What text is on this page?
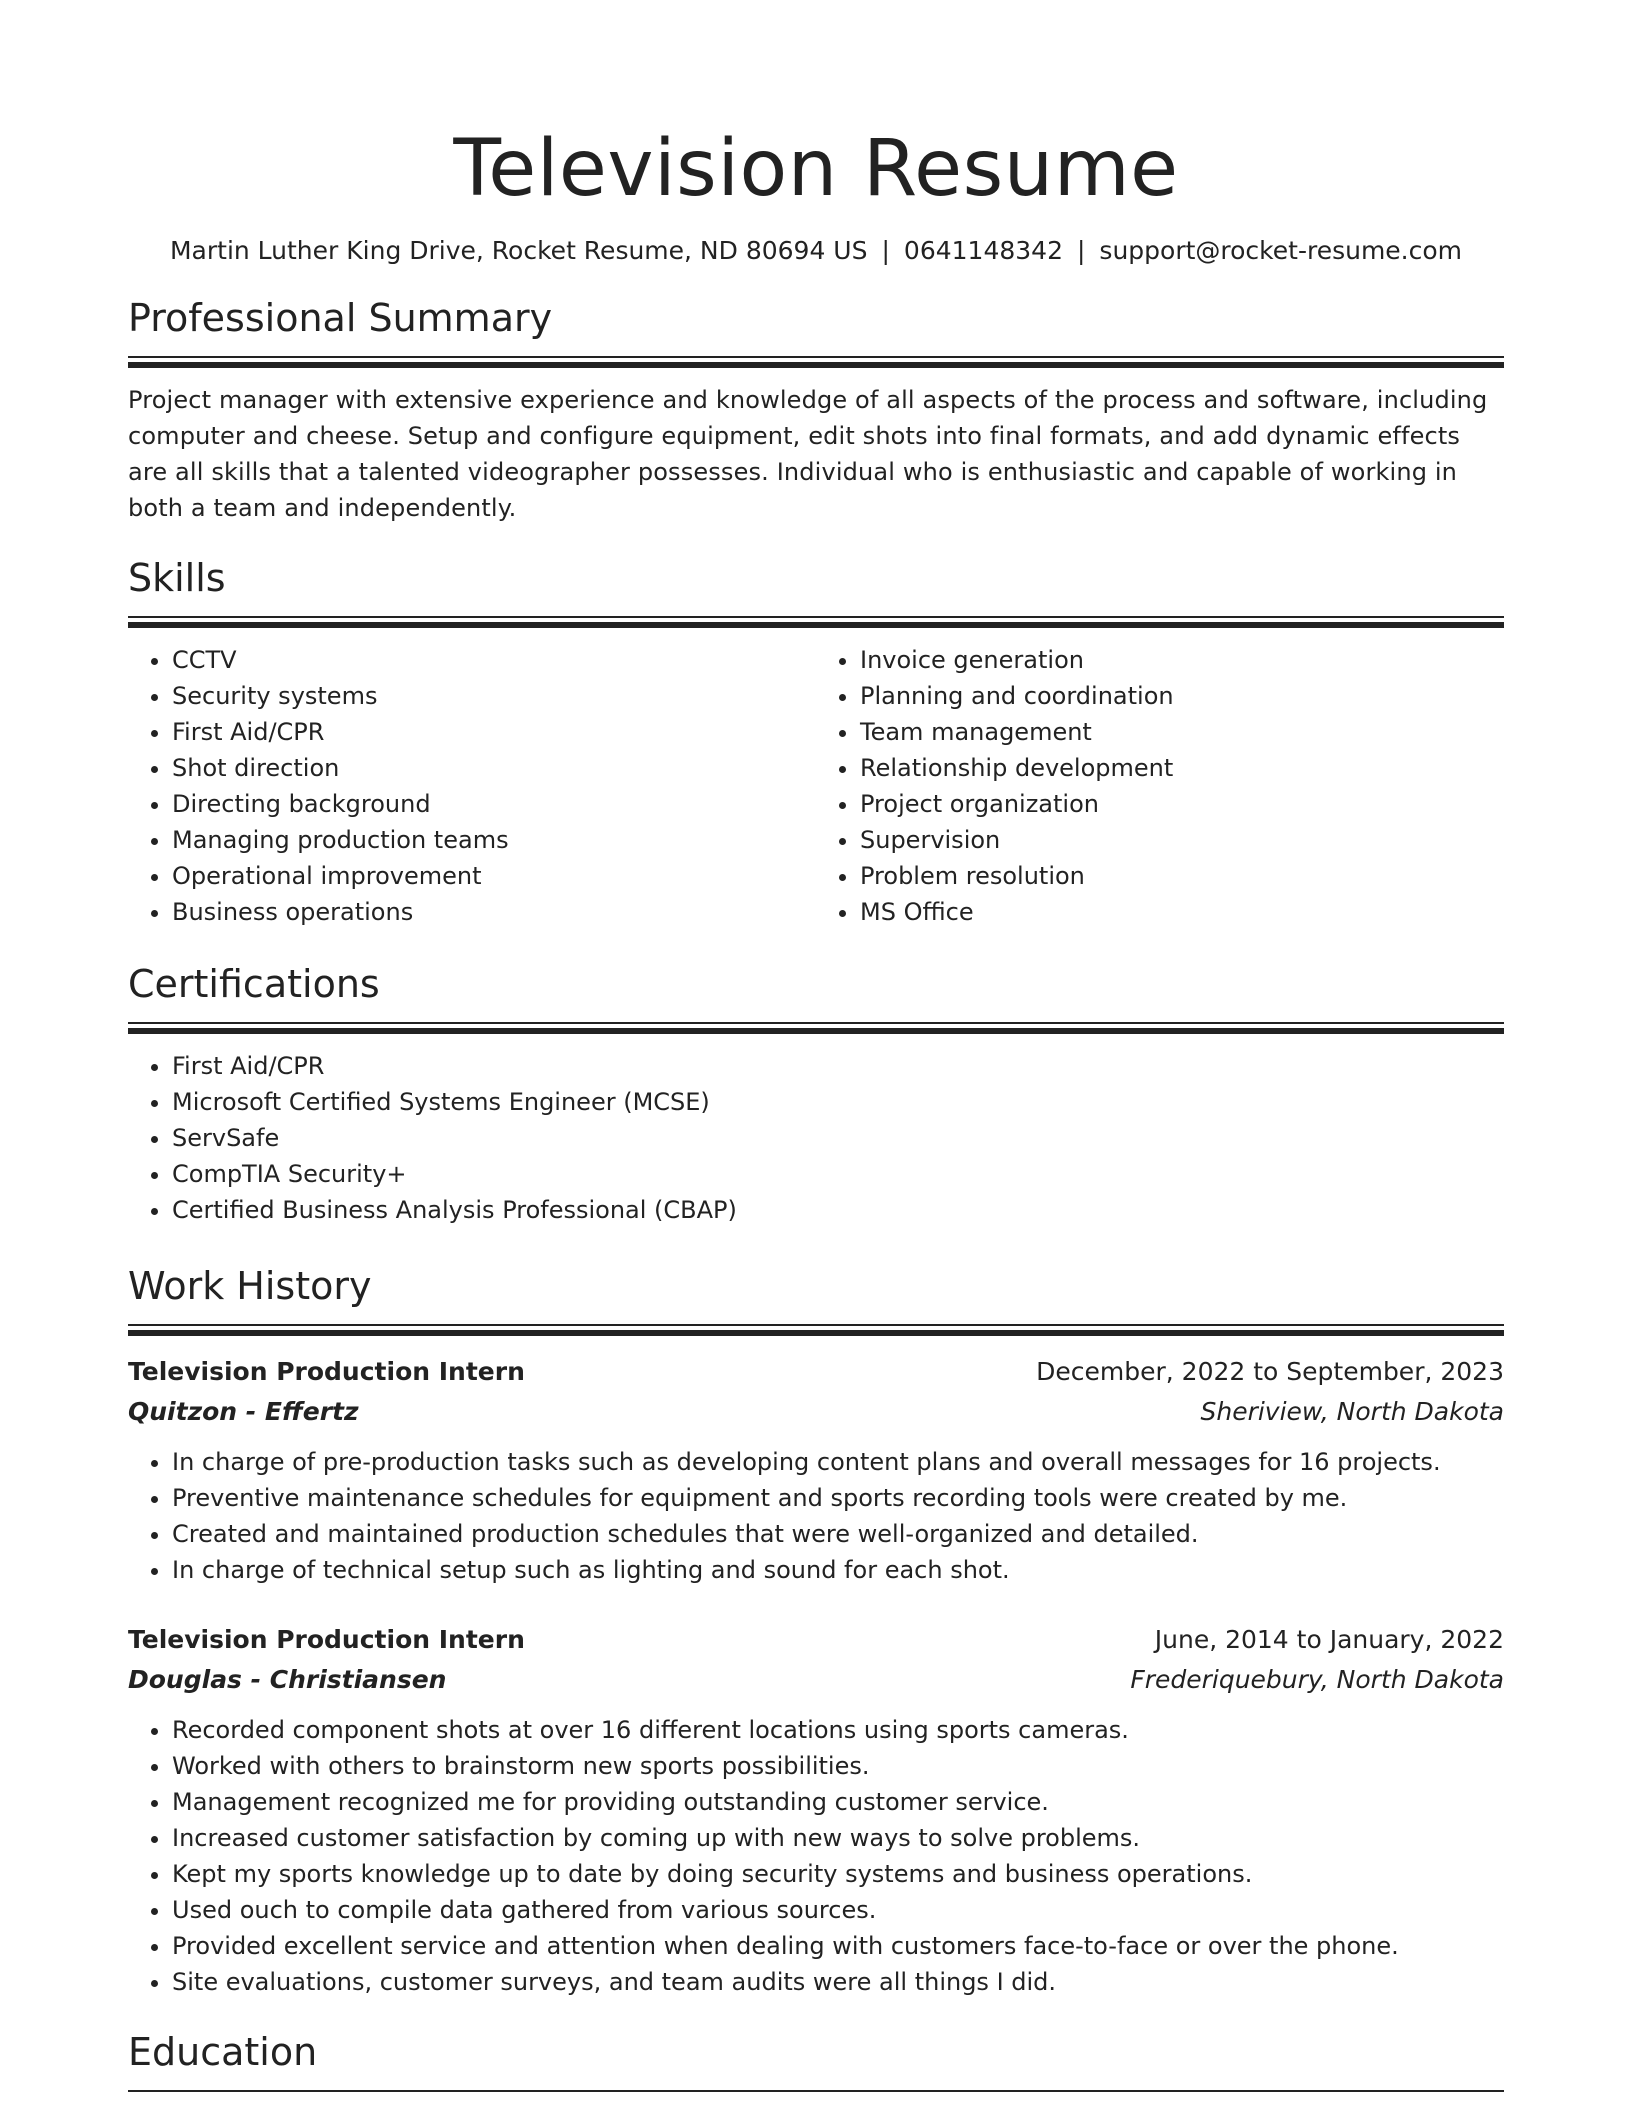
Television Resume
Martin Luther King Drive, Rocket Resume, ND 80694 US | 0641148342 | support@rocket-resume.com
Professional Summary

Project manager with extensive experience and knowledge of all aspects of the process and software, including computer and cheese. Setup and configure equipment, edit shots into final formats, and add dynamic effects are all skills that a talented videographer possesses. Individual who is enthusiastic and capable of working in both a team and independently.

Skills
• CCTV
• Security systems
• First Aid/CPR
• Shot direction
• Directing background
• Managing production teams
• Operational improvement
• Business operations
• Invoice generation
• Planning and coordination
• Team management
• Relationship development
• Project organization
• Supervision
• Problem resolution
• MS Office
Certifications
• First Aid/CPR
• Microsoft Certified Systems Engineer (MCSE)
• ServSafe
• CompTIA Security+
• Certified Business Analysis Professional (CBAP)
Work History
Television Production Intern	December, 2022 to September, 2023
Quitzon - Effertz	Sheriview, North Dakota
• In charge of pre-production tasks such as developing content plans and overall messages for 16 projects.
• Preventive maintenance schedules for equipment and sports recording tools were created by me.
• Created and maintained production schedules that were well-organized and detailed.
• In charge of technical setup such as lighting and sound for each shot.
Television Production Intern	June, 2014 to January, 2022
Douglas - Christiansen	Frederiquebury, North Dakota
• Recorded component shots at over 16 different locations using sports cameras.
• Worked with others to brainstorm new sports possibilities.
• Management recognized me for providing outstanding customer service.
• Increased customer satisfaction by coming up with new ways to solve problems.
• Kept my sports knowledge up to date by doing security systems and business operations.
• Used ouch to compile data gathered from various sources.
• Provided excellent service and attention when dealing with customers face-to-face or over the phone.
• Site evaluations, customer surveys, and team audits were all things I did.
Education
